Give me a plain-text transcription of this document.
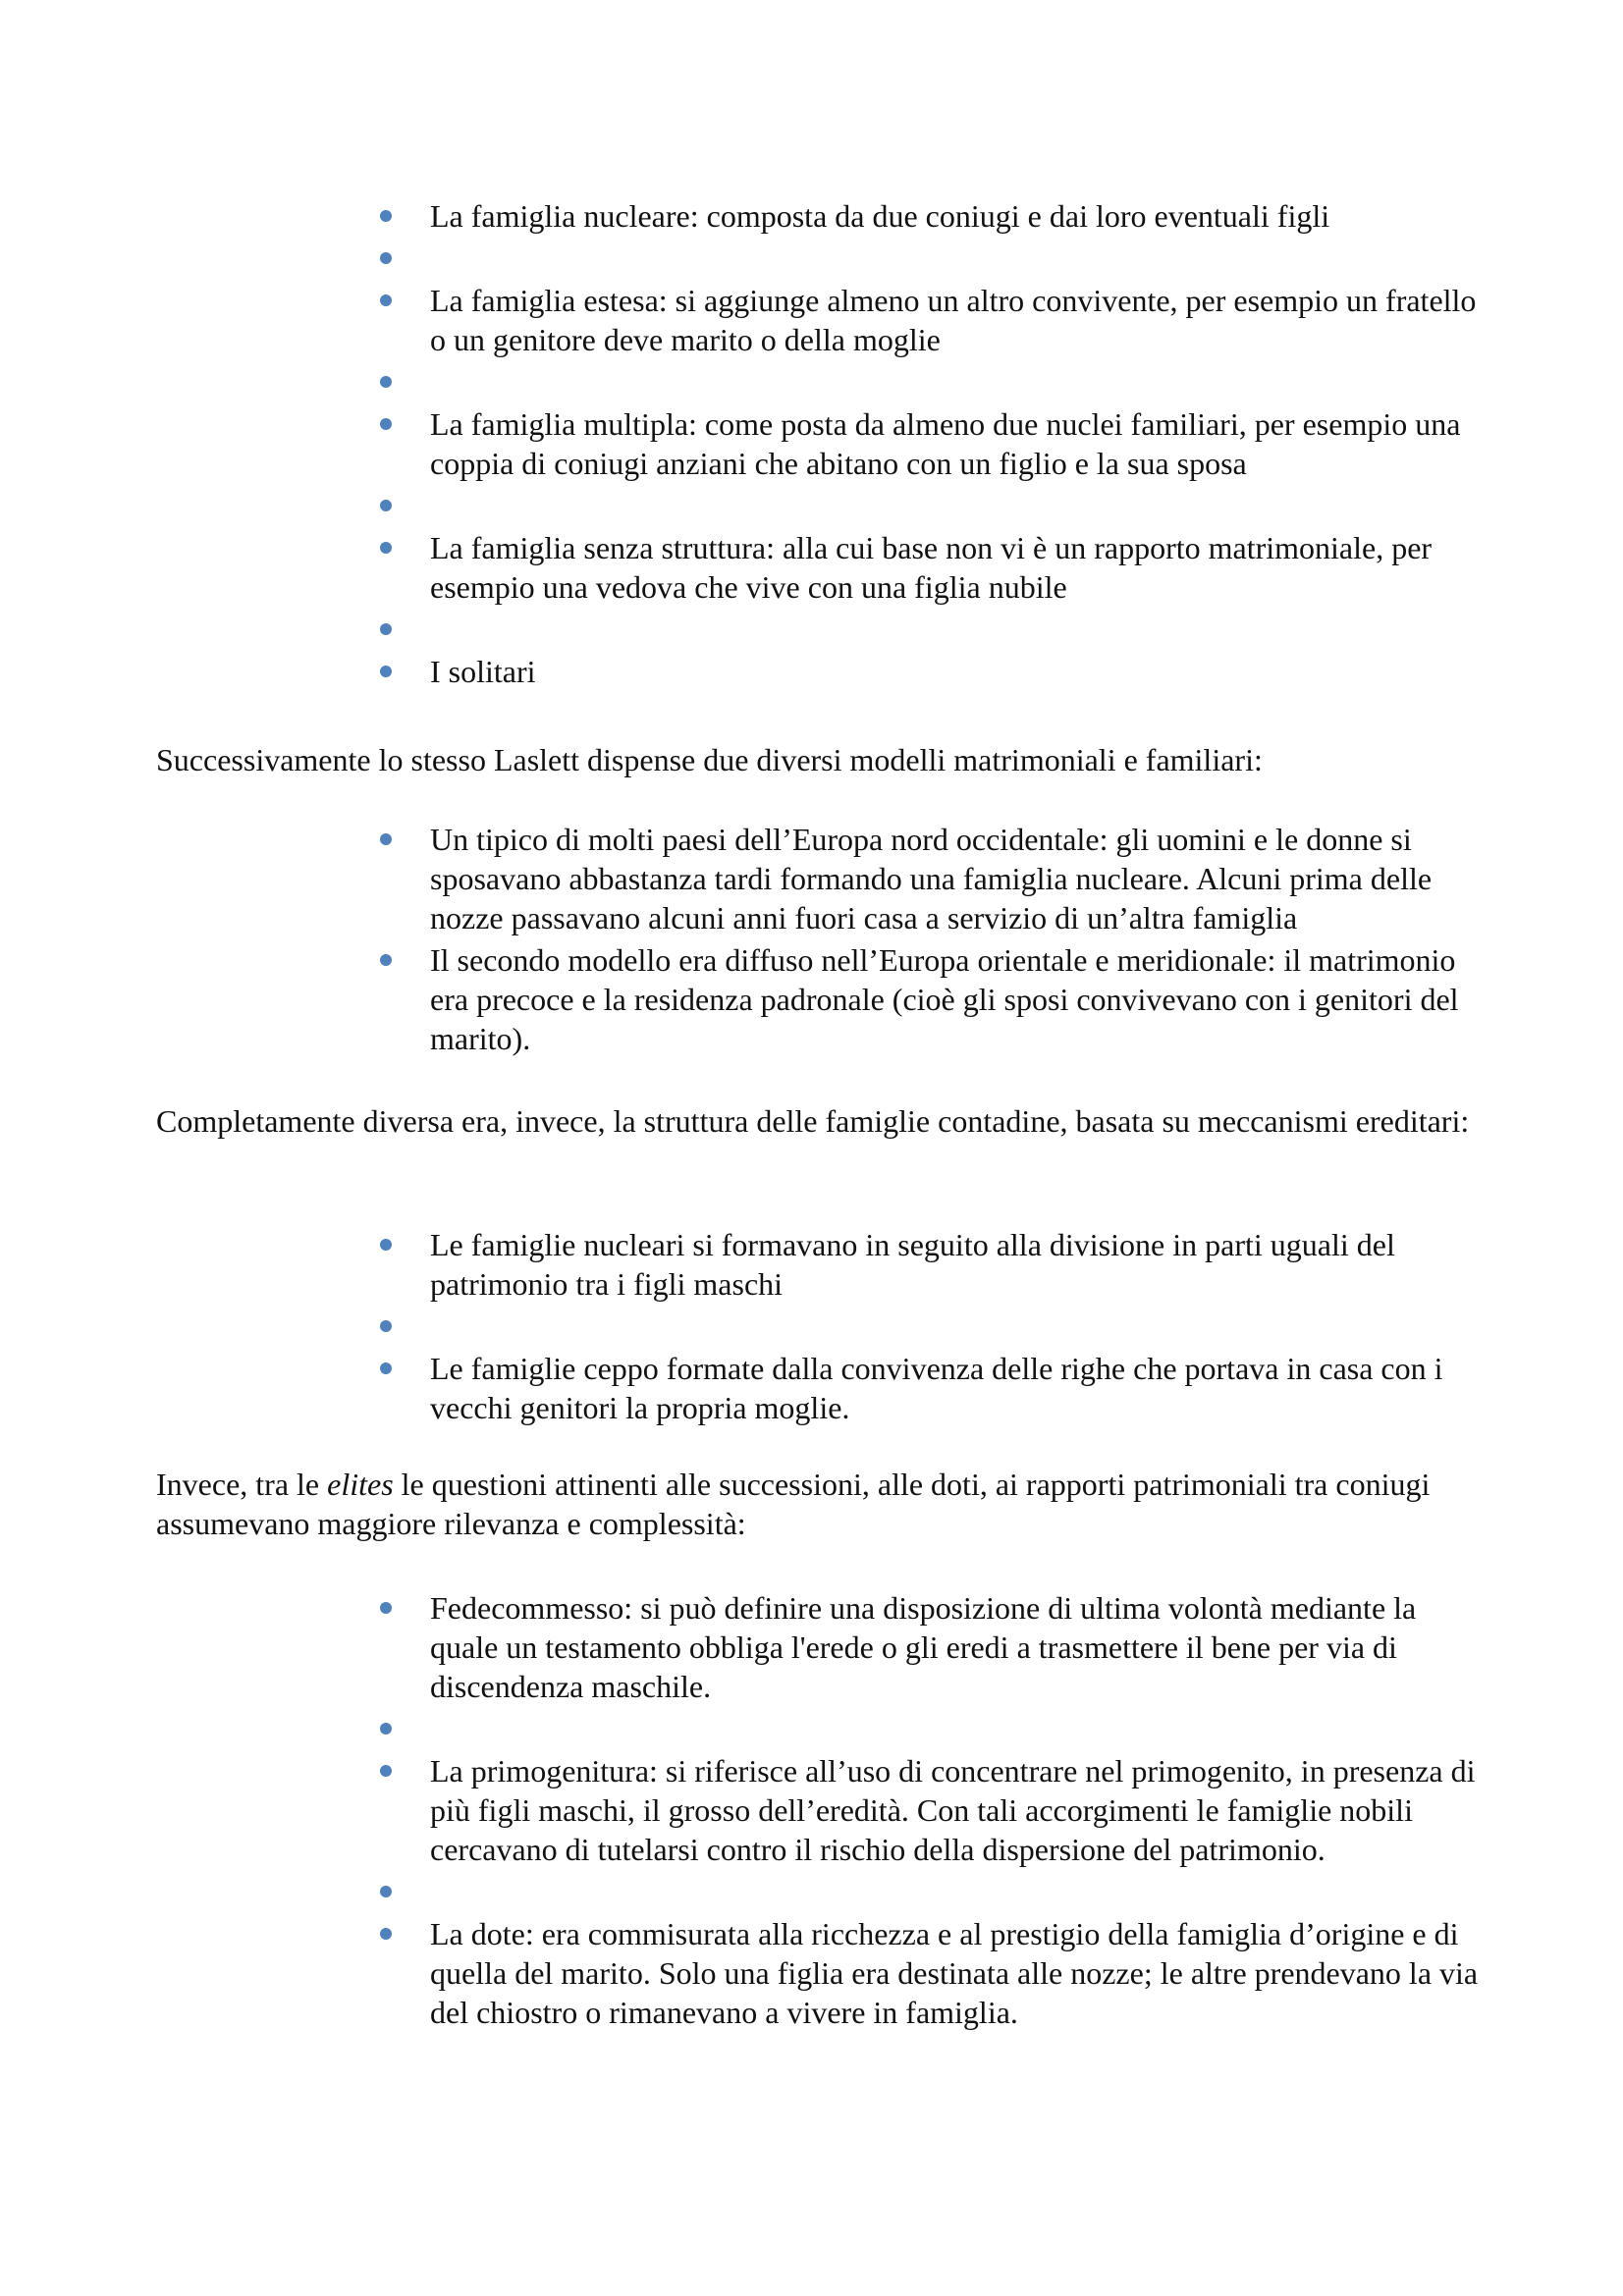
La famiglia nucleare: composta da due coniugi e dai loro eventuali figli
La famiglia estesa: si aggiunge almeno un altro convivente, per esempio un fratello o un genitore deve marito o della moglie
La famiglia multipla: come posta da almeno due nuclei familiari, per esempio una coppia di coniugi anziani che abitano con un figlio e la sua sposa
La famiglia senza struttura: alla cui base non vi è un rapporto matrimoniale, per esempio una vedova che vive con una figlia nubile
I solitari

Successivamente lo stesso Laslett dispense due diversi modelli matrimoniali e familiari:

Un tipico di molti paesi dell’Europa nord occidentale: gli uomini e le donne si sposavano abbastanza tardi formando una famiglia nucleare. Alcuni prima delle nozze passavano alcuni anni fuori casa a servizio di un’altra famiglia
Il secondo modello era diffuso nell’Europa orientale e meridionale: il matrimonio era precoce e la residenza padronale (cioè gli sposi convivevano con i genitori del marito).

Completamente diversa era, invece, la struttura delle famiglie contadine, basata su meccanismi ereditari:

Le famiglie nucleari si formavano in seguito alla divisione in parti uguali del patrimonio tra i figli maschi
Le famiglie ceppo formate dalla convivenza delle righe che portava in casa con i vecchi genitori la propria moglie.

Invece, tra le elites le questioni attinenti alle successioni, alle doti, ai rapporti patrimoniali tra coniugi assumevano maggiore rilevanza e complessità:

Fedecommesso: si può definire una disposizione di ultima volontà mediante la quale un testamento obbliga l'erede o gli eredi a trasmettere il bene per via di discendenza maschile.
La primogenitura: si riferisce all’uso di concentrare nel primogenito, in presenza di più figli maschi, il grosso dell’eredità. Con tali accorgimenti le famiglie nobili cercavano di tutelarsi contro il rischio della dispersione del patrimonio.
La dote: era commisurata alla ricchezza e al prestigio della famiglia d’origine e di quella del marito. Solo una figlia era destinata alle nozze; le altre prendevano la via del chiostro o rimanevano a vivere in famiglia.
